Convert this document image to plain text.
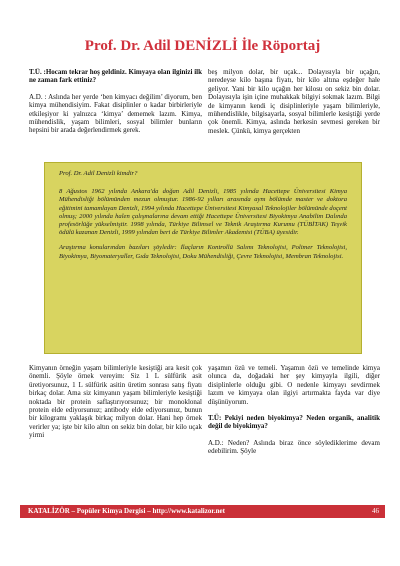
Prof. Dr. Adil DENİZLİ İle Röportaj

T.Ü. :Hocam tekrar hoş geldiniz. Kimyaya olan ilginizi ilk ne zaman fark ettiniz?

A.D. : Aslında her yerde ‘ben kimyacı değilim’ diyorum, ben kimya mühendisiyim. Fakat disiplinler o kadar birbirleriyle etkileşiyor ki yalnızca ‘kimya’ dememek lazım. Kimya, mühendislik, yaşam bilimleri, sosyal bilimler bunların hepsini bir arada değerlendirmek gerek.

beş milyon dolar, bir uçak... Dolayısıyla bir uçağın, neredeyse kilo başına fiyatı, bir kilo altına eşdeğer hale geliyor. Yani bir kilo uçağın her kilosu on sekiz bin dolar. Dolayısıyla işin içine muhakkak bilgiyi sokmak lazım. Bilgi de kimyanın kendi iç disiplinleriyle yaşam bilimleriyle, mühendislikle, bilgisayarla, sosyal bilimlerle kesiştiği yerde çok önemli. Kimya, aslında herkesin sevmesi gereken bir meslek. Çünkü, kimya gerçekten

Prof. Dr. Adil Denizli kimdir?

8 Ağustos 1962 yılında Ankara'da doğan Adil Denizli, 1985 yılında Hacettepe Üniversitesi Kimya Mühendisliği bölümünden mezun olmuştur. 1986-92 yılları arasında aynı bölümde master ve doktora eğitimini tamamlayan Denizli, 1994 yılında Hacettepe Üniversitesi Kimyasal Teknolojiler bölümünde doçent olmuş; 2000 yılında halen çalışmalarına devam ettiği Hacettepe Üniversitesi Biyokimya Anabilim Dalında profesörlüğe yükselmiştir. 1998 yılında, Türkiye Bilimsel ve Teknik Araştırma Kurumu (TÜBİTAK) Teşvik ödülü kazanan Denizli, 1999 yılından beri de Türkiye Bilimler Akademisi (TÜBA) üyesidir.

Araştırma konularından bazıları şöyledir: İlaçların Kontrollü Salımı Teknolojisi, Polimer Teknolojisi, Biyokimya, Biyomateryaller, Gıda Teknolojisi, Doku Mühendisliği, Çevre Teknolojisi, Membran Teknolojisi.

Kimyanın örneğin yaşam bilimleriyle kesiştiği ara kesit çok önemli. Şöyle örnek vereyim: Siz 1 L sülfürik asit üretiyorsunuz, 1 L sülfürik asitin üretim sonrası satış fiyatı birkaç dolar. Ama siz kimyanın yaşam bilimleriyle kesiştiği noktada bir protein saflaştırıyorsunuz; bir monoklonal protein elde ediyorsunuz; antibody elde ediyorsunuz, bunun bir kilogramı yaklaşık birkaç milyon dolar. Hani hep örnek verirler ya; işte bir kilo altın on sekiz bin dolar, bir kilo uçak yirmi

yaşamın özü ve temeli. Yaşamın özü ve temelinde kimya olunca da, doğadaki her şey kimyayla ilgili, diğer disiplinlerle olduğu gibi. O nedenle kimyayı sevdirmek lazım ve kimyaya olan ilgiyi artırmakta fayda var diye düşünüyorum.

T.Ü: Pekiyi neden biyokimya? Neden organik, analitik değil de biyokimya?

A.D.: Neden? Aslında biraz önce söylediklerime devam edebilirim. Şöyle

KATALİZÖR – Popüler Kimya Dergisi – http://www.katalizor.net	46
